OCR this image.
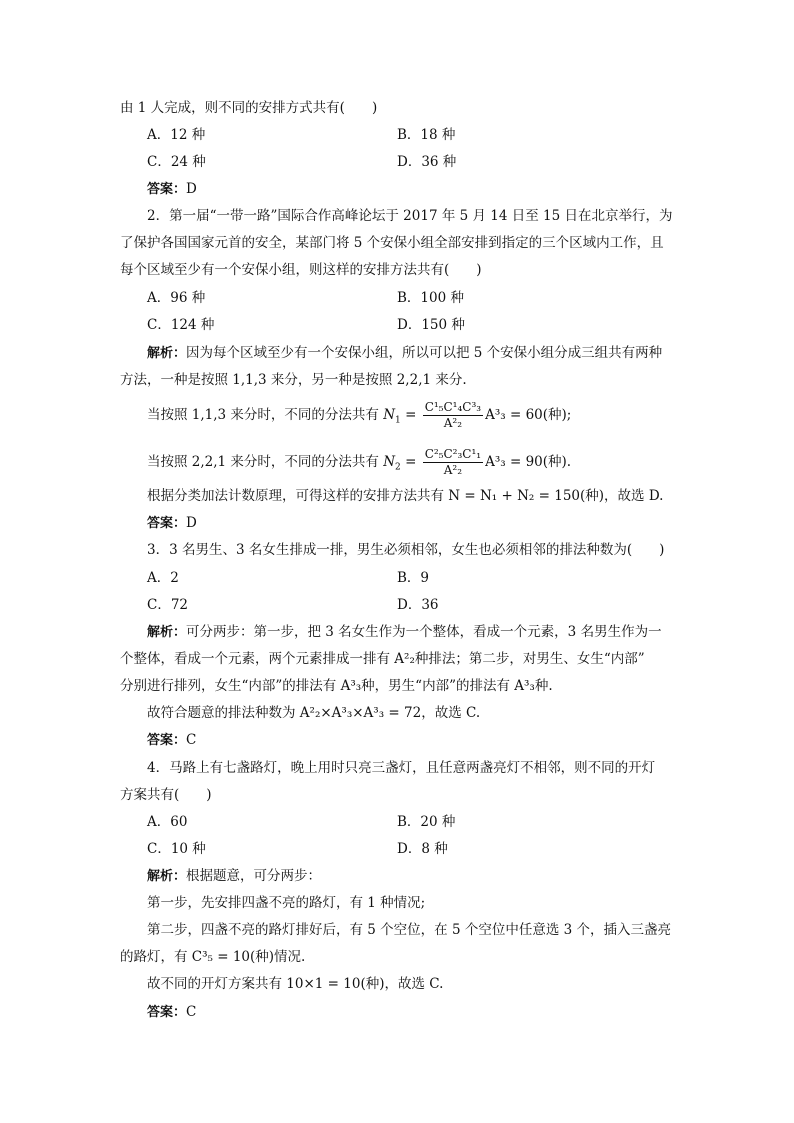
由 1 人完成，则不同的安排方式共有(　　)
A．12 种	B．18 种
C．24 种	D．36 种
答案：D
2．第一届“一带一路”国际合作高峰论坛于 2017 年 5 月 14 日至 15 日在北京举行，为
了保护各国国家元首的安全，某部门将 5 个安保小组全部安排到指定的三个区域内工作，且
每个区域至少有一个安保小组，则这样的安排方法共有(　　)
A．96 种	B．100 种
C．124 种	D．150 种
解析：因为每个区域至少有一个安保小组，所以可以把 5 个安保小组分成三组共有两种
方法，一种是按照 1,1,3 来分，另一种是按照 2,2,1 来分.
当按照 1,1,3 来分时，不同的分法共有 $N_1 = \frac{\text{C¹₅C¹₄C³₃}}{\text{A²₂}} A^3_3 = 60$(种);
当按照 2,2,1 来分时，不同的分法共有 $N_2 = \frac{\text{C²₅C²₃C¹₁}}{\text{A²₂}} A^3_3 = 90$(种).
根据分类加法计数原理，可得这样的安排方法共有 N = N₁ + N₂ = 150(种)，故选 D.
答案：D
3．3 名男生、3 名女生排成一排，男生必须相邻，女生也必须相邻的排法种数为(　　)
A．2	B．9
C．72	D．36
解析：可分两步：第一步，把 3 名女生作为一个整体，看成一个元素，3 名男生作为一
个整体，看成一个元素，两个元素排成一排有 A²₂种排法；第二步，对男生、女生“内部”
分别进行排列，女生“内部”的排法有 A³₃种，男生“内部”的排法有 A³₃种.
故符合题意的排法种数为 A²₂×A³₃×A³₃ = 72，故选 C.
答案：C
4．马路上有七盏路灯，晚上用时只亮三盏灯，且任意两盏亮灯不相邻，则不同的开灯
方案共有(　　)
A．60	B．20 种
C．10 种	D．8 种
解析：根据题意，可分两步：
第一步，先安排四盏不亮的路灯，有 1 种情况;
第二步，四盏不亮的路灯排好后，有 5 个空位，在 5 个空位中任意选 3 个，插入三盏亮
的路灯，有 C³₅ = 10(种)情况.
故不同的开灯方案共有 10×1 = 10(种)，故选 C.
答案：C
